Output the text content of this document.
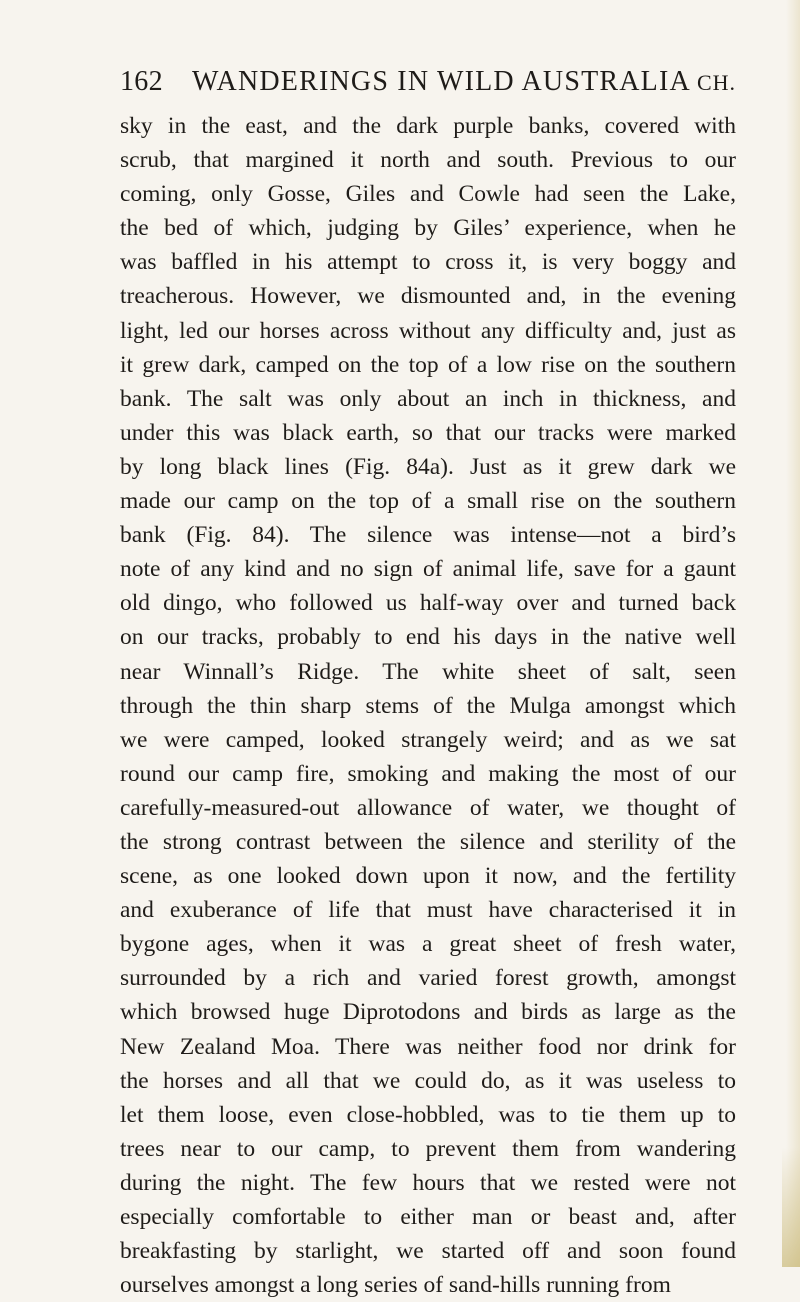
162	WANDERINGS IN WILD AUSTRALIA CH.
sky in the east, and the dark purple banks, covered with
scrub, that margined it north and south. Previous to our
coming, only Gosse, Giles and Cowle had seen the Lake,
the bed of which, judging by Giles’ experience, when he
was baffled in his attempt to cross it, is very boggy and
treacherous. However, we dismounted and, in the evening
light, led our horses across without any difficulty and, just as
it grew dark, camped on the top of a low rise on the southern
bank. The salt was only about an inch in thickness, and
under this was black earth, so that our tracks were marked
by long black lines (Fig. 84a). Just as it grew dark we
made our camp on the top of a small rise on the southern
bank (Fig. 84). The silence was intense—not a bird’s
note of any kind and no sign of animal life, save for a gaunt
old dingo, who followed us half-way over and turned back
on our tracks, probably to end his days in the native well
near Winnall’s Ridge. The white sheet of salt, seen
through the thin sharp stems of the Mulga amongst which
we were camped, looked strangely weird; and as we sat
round our camp fire, smoking and making the most of our
carefully-measured-out allowance of water, we thought of
the strong contrast between the silence and sterility of the
scene, as one looked down upon it now, and the fertility
and exuberance of life that must have characterised it in
bygone ages, when it was a great sheet of fresh water,
surrounded by a rich and varied forest growth, amongst
which browsed huge Diprotodons and birds as large as the
New Zealand Moa. There was neither food nor drink for
the horses and all that we could do, as it was useless to
let them loose, even close-hobbled, was to tie them up to
trees near to our camp, to prevent them from wandering
during the night. The few hours that we rested were not
especially comfortable to either man or beast and, after
breakfasting by starlight, we started off and soon found
ourselves amongst a long series of sand-hills running from
